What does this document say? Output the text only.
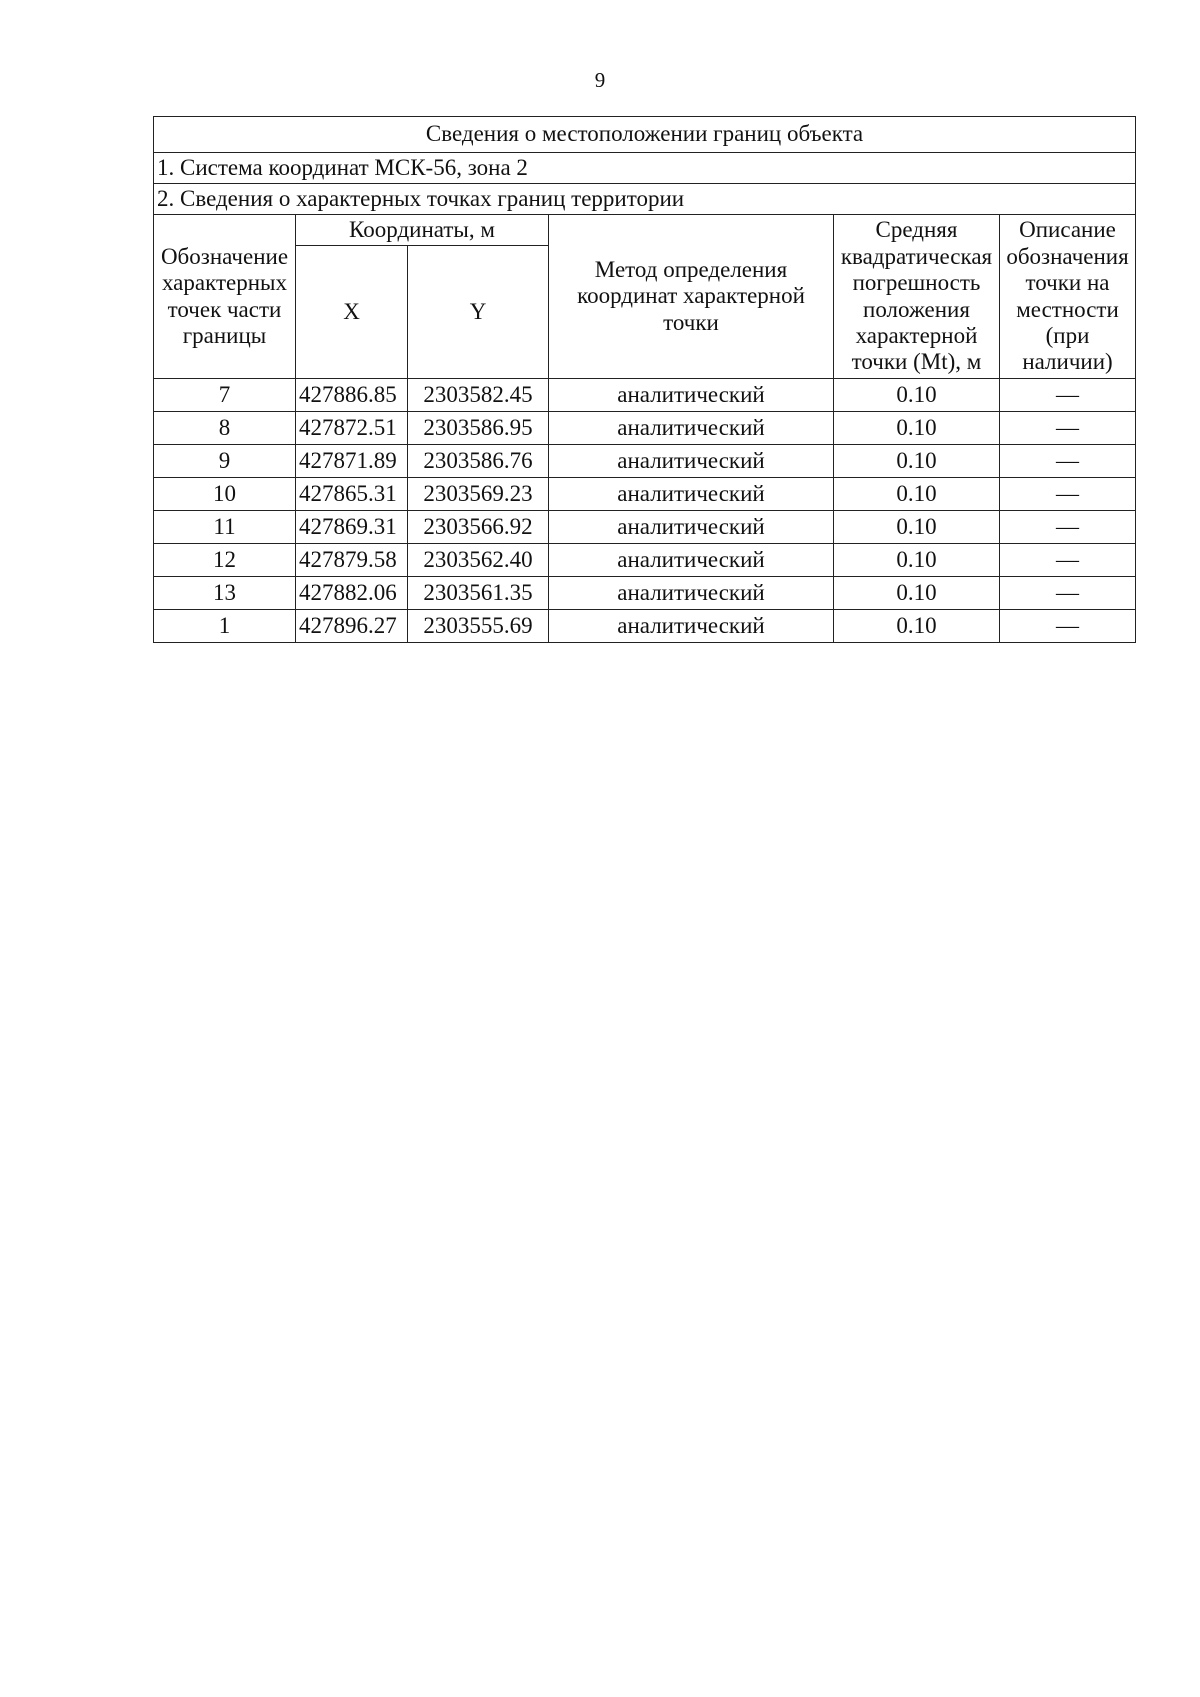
9
Сведения о местоположении границ объекта					
1. Система координат МСК-56, зона 2					
2. Сведения о характерных точках границ территории					
Обозначение характерных точек части границы	Координаты, м		Метод определения координат характерной точки	Средняя квадратическая погрешность положения характерной точки (Mt), м	Описание обозначения точки на местности (при наличии)
	X	Y			
7	427886.85	2303582.45	аналитический	0.10	—
8	427872.51	2303586.95	аналитический	0.10	—
9	427871.89	2303586.76	аналитический	0.10	—
10	427865.31	2303569.23	аналитический	0.10	—
11	427869.31	2303566.92	аналитический	0.10	—
12	427879.58	2303562.40	аналитический	0.10	—
13	427882.06	2303561.35	аналитический	0.10	—
1	427896.27	2303555.69	аналитический	0.10	—
